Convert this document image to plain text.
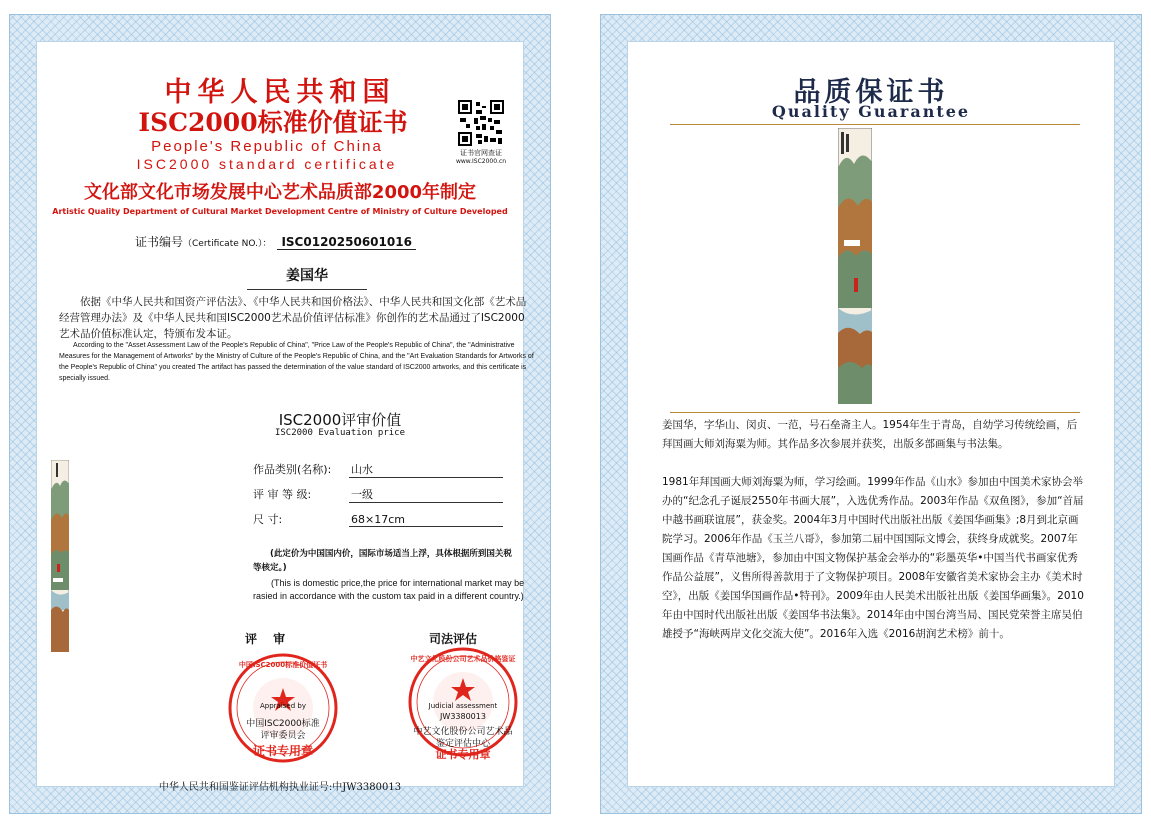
中华人民共和国
ISC2000标准价值证书
People's Republic of China
ISC2000 standard certificate
证书官网查证
www.ISC2000.cn
文化部文化市场发展中心艺术品质部2000年制定
Artistic Quality Department of Cultural Market Development Centre of Ministry of Culture Developed
证书编号（Certificate NO.）： ISC0120250601016
姜国华
依据《中华人民共和国资产评估法》、《中华人民共和国价格法》、中华人民共和国文化部《艺术品经营管理办法》及《中华人民共和国ISC2000艺术品价值评估标准》你创作的艺术品通过了ISC2000艺术品价值标准认定，特颁布发本证。
According to the "Asset Assessment Law of the People's Republic of China", "Price Law of the People's Republic of China", the "Administrative Measures for the Management of Artworks" by the Ministry of Culture of the People's Republic of China, and the "Art Evaluation Standards for Artworks of the People's Republic of China" you created The artifact has passed the determination of the value standard of ISC2000 artworks, and this certificate is specially issued.
ISC2000评审价值
ISC2000 Evaluation price
作品类别(名称): 山水
评 审 等 级:	一级
尺 寸:	68×17cm
(此定价为中国国内价，国际市场适当上浮，具体根据所到国关税等核定。)
(This is domestic price,the price for international market may be rasied in accordance with the custom tax paid in a different country.)
评 审	司法评估
中国ISC2000标准价值证书
Appraised by
中国ISC2000标准
评审委员会
证书专用章
中艺文化股份公司艺术品价格鉴证
Judicial assessment
JW3380013
中艺文化股份公司艺术品
鉴定评估中心
证书专用章
中华人民共和国鉴证评估机构执业证号:中JW3380013
品质保证书
Quality Guarantee
姜国华，字华山、闵贞、一范，号石垒斋主人。1954年生于青岛，自幼学习传统绘画，后拜国画大师刘海粟为师。其作品多次参展并获奖，出版多部画集与书法集。
1981年拜国画大师刘海粟为师，学习绘画。1999年作品《山水》参加由中国美术家协会举办的“纪念孔子诞辰2550年书画大展”，入选优秀作品。2003年作品《双鱼图》，参加“首届中越书画联谊展”，获金奖。2004年3月中国时代出版社出版《姜国华画集》;8月到北京画院学习。2006年作品《玉兰八哥》，参加第二届中国国际文博会，获终身成就奖。2007年国画作品《青草池塘》，参加由中国文物保护基金会举办的“彩墨英华•中国当代书画家优秀作品公益展”，义售所得善款用于了文物保护项目。2008年安徽省美术家协会主办《美术时空》，出版《姜国华国画作品•特刊》。2009年由人民美术出版社出版《姜国华画集》。2010年由中国时代出版社出版《姜国华书法集》。2014年由中国台湾当局、国民党荣誉主席吴伯雄授予“海峡两岸文化交流大使”。2016年入选《2016胡润艺术榜》前十。
